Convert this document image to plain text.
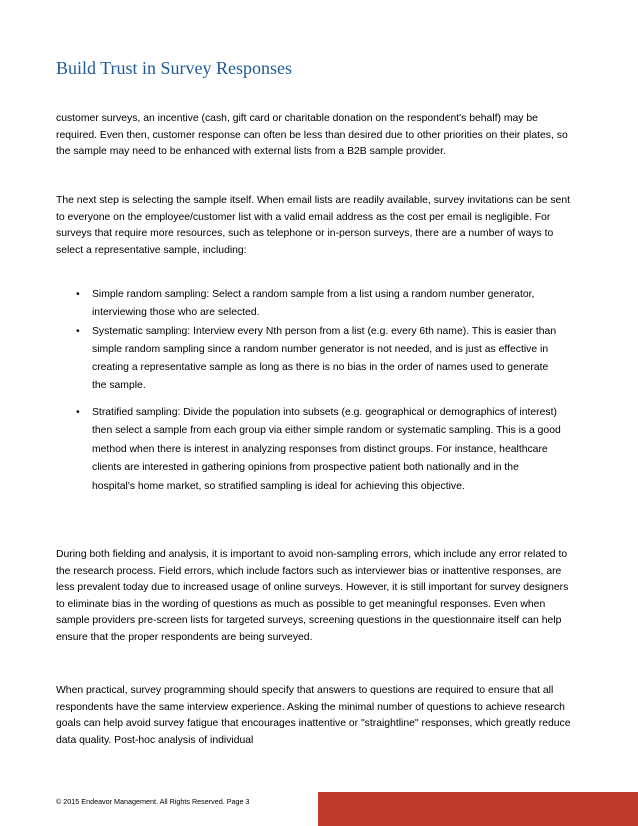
Build Trust in Survey Responses

customer surveys, an incentive (cash, gift card or charitable donation on the respondent's behalf) may be required. Even then, customer response can often be less than desired due to other priorities on their plates, so the sample may need to be enhanced with external lists from a B2B sample provider.

The next step is selecting the sample itself. When email lists are readily available, survey invitations can be sent to everyone on the employee/customer list with a valid email address as the cost per email is negligible. For surveys that require more resources, such as telephone or in-person surveys, there are a number of ways to select a representative sample, including:

• Simple random sampling: Select a random sample from a list using a random number generator, interviewing those who are selected.
• Systematic sampling: Interview every Nth person from a list (e.g. every 6th name). This is easier than simple random sampling since a random number generator is not needed, and is just as effective in creating a representative sample as long as there is no bias in the order of names used to generate the sample.
• Stratified sampling: Divide the population into subsets (e.g. geographical or demographics of interest) then select a sample from each group via either simple random or systematic sampling. This is a good method when there is interest in analyzing responses from distinct groups. For instance, healthcare clients are interested in gathering opinions from prospective patient both nationally and in the hospital's home market, so stratified sampling is ideal for achieving this objective.

During both fielding and analysis, it is important to avoid non-sampling errors, which include any error related to the research process. Field errors, which include factors such as interviewer bias or inattentive responses, are less prevalent today due to increased usage of online surveys. However, it is still important for survey designers to eliminate bias in the wording of questions as much as possible to get meaningful responses. Even when sample providers pre-screen lists for targeted surveys, screening questions in the questionnaire itself can help ensure that the proper respondents are being surveyed.

When practical, survey programming should specify that answers to questions are required to ensure that all respondents have the same interview experience. Asking the minimal number of questions to achieve research goals can help avoid survey fatigue that encourages inattentive or "straightline" responses, which greatly reduce data quality. Post-hoc analysis of individual

© 2015 Endeavor Management. All Rights Reserved. Page 3
